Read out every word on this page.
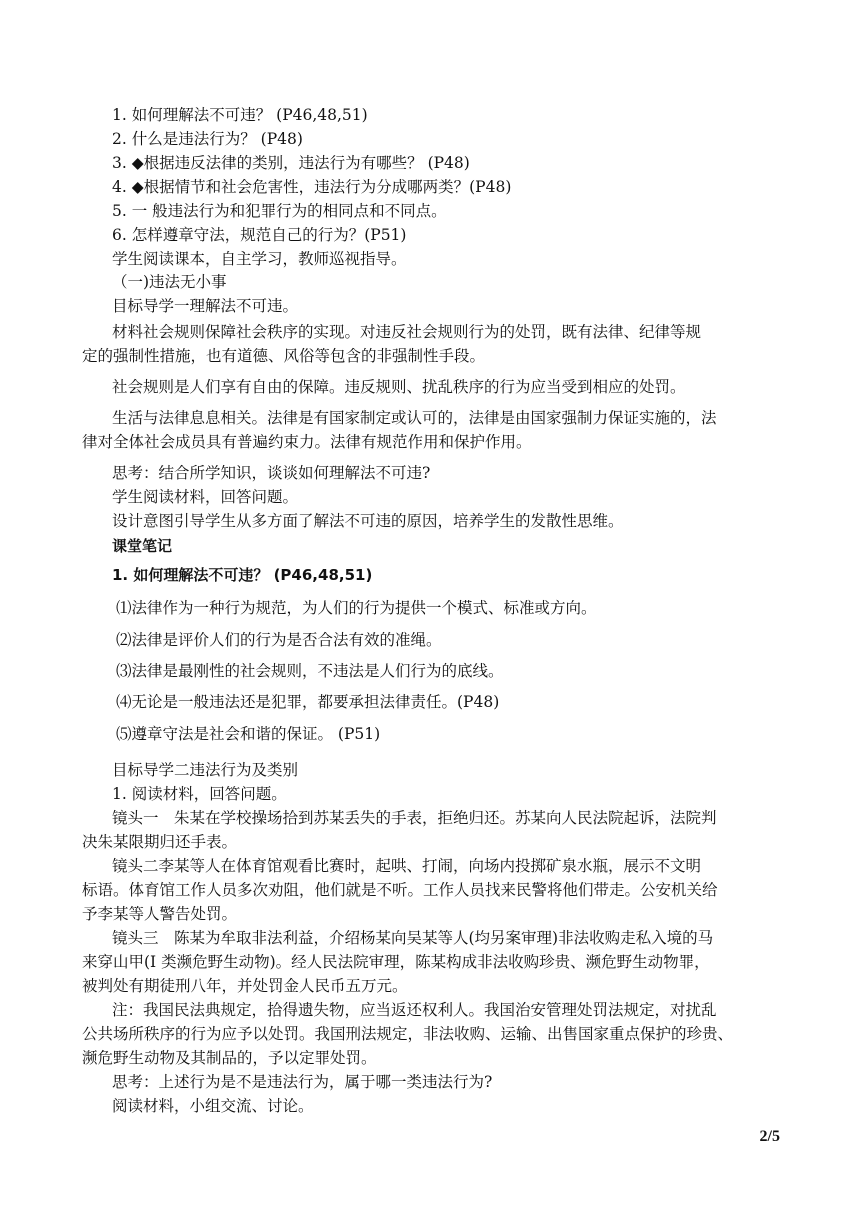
1. 如何理解法不可违？ (P46,48,51)
2. 什么是违法行为？ (P48)
3. ◆根据违反法律的类别，违法行为有哪些？ (P48)
4. ◆根据情节和社会危害性，违法行为分成哪两类？(P48)
5. 一 般违法行为和犯罪行为的相同点和不同点。
6. 怎样遵章守法，规范自己的行为？(P51)
学生阅读课本，自主学习，教师巡视指导。
（一)违法无小事
目标导学一理解法不可违。
材料社会规则保障社会秩序的实现。对违反社会规则行为的处罚，既有法律、纪律等规
定的强制性措施，也有道德、风俗等包含的非强制性手段。
社会规则是人们享有自由的保障。违反规则、扰乱秩序的行为应当受到相应的处罚。
生活与法律息息相关。法律是有国家制定或认可的，法律是由国家强制力保证实施的，法
律对全体社会成员具有普遍约束力。法律有规范作用和保护作用。
思考：结合所学知识，谈谈如何理解法不可违?
学生阅读材料，回答问题。
设计意图引导学生从多方面了解法不可违的原因，培养学生的发散性思维。
课堂笔记
1. 如何理解法不可违？ (P46,48,51)
⑴法律作为一种行为规范，为人们的行为提供一个模式、标准或方向。
⑵法律是评价人们的行为是否合法有效的准绳。
⑶法律是最刚性的社会规则，不违法是人们行为的底线。
⑷无论是一般违法还是犯罪，都要承担法律责任。(P48)
⑸遵章守法是社会和谐的保证。 (P51)
目标导学二违法行为及类别
1. 阅读材料，回答问题。
镜头一　朱某在学校操场拾到苏某丢失的手表，拒绝归还。苏某向人民法院起诉，法院判
决朱某限期归还手表。
镜头二李某等人在体育馆观看比赛时，起哄、打闹，向场内投掷矿泉水瓶，展示不文明
标语。体育馆工作人员多次劝阻，他们就是不听。工作人员找来民警将他们带走。公安机关给
予李某等人警告处罚。
镜头三　陈某为牟取非法利益，介绍杨某向吴某等人(均另案审理)非法收购走私入境的马
来穿山甲(I 类濒危野生动物)。经人民法院审理，陈某构成非法收购珍贵、濒危野生动物罪，
被判处有期徒刑八年，并处罚金人民币五万元。
注：我国民法典规定，拾得遗失物，应当返还权利人。我国治安管理处罚法规定，对扰乱
公共场所秩序的行为应予以处罚。我国刑法规定，非法收购、运输、出售国家重点保护的珍贵、
濒危野生动物及其制品的，予以定罪处罚。
思考：上述行为是不是违法行为，属于哪一类违法行为?
阅读材料，小组交流、讨论。
2/5
